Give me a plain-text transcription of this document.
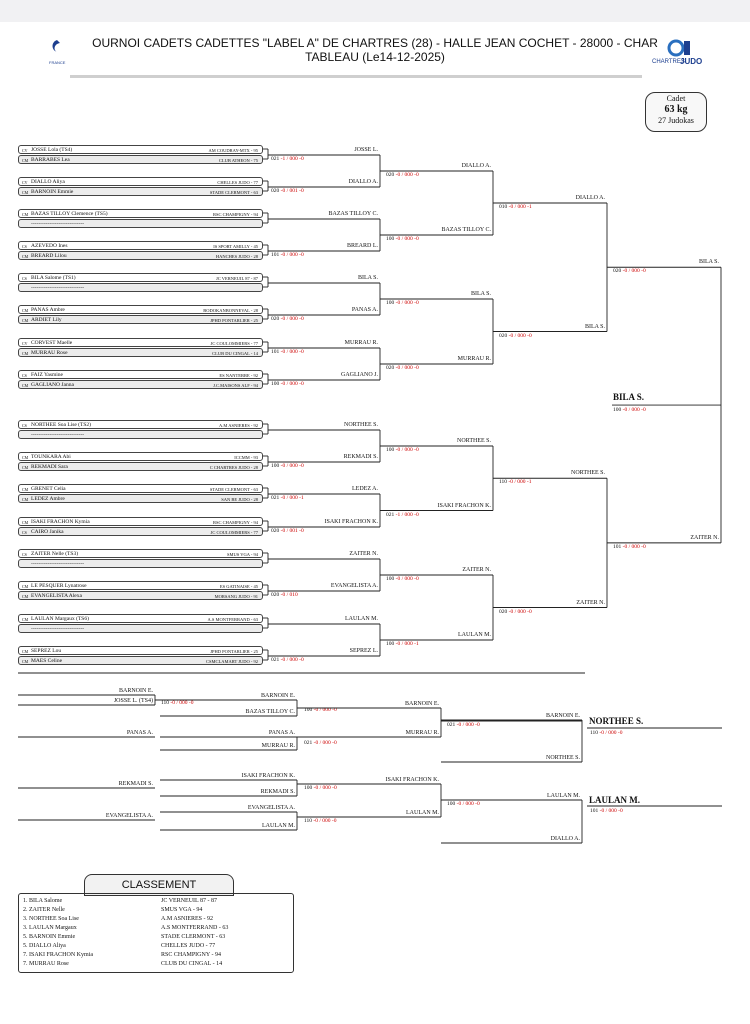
FRANCE	CHARTRES
JUDO
OURNOI CADETS CADETTES "LABEL A" DE CHARTRES (28) - HALLE JEAN COCHET - 28000 - CHAR
TABLEAU (Le14-12-2025)
Cadet
63 kg
27 Judokas
CV JOSSE Lola (TS4)	AM COUDRAY-MTX - 95
CM BARRABES Lea	CLUB ATHEON - 75
JOSSE L.
021 -1 / 000 -0
CV DIALLO Aliya	CHELLES JUDO - 77
CM BARNOIN Emmie	STADE CLERMONT - 63
DIALLO A.
020 -0 / 001 -0
CM BAZAS TILLOY Clemence (TS5)	RSC CHAMPIGNY - 94
-----------------------------
BAZAS TILLOY C.
CS AZEVEDO Ines	IS SPORT AMILLY - 45
CM BREARD Lilou	HANCHES JUDO - 28
BREARD L.
101 -0 / 000 -0
CS BILA Salome (TS1)	JC VERNEUIL 87 - 87
-----------------------------
BILA S.
CM PANAS Ambre	BODOKANBONNEVAL - 28
CM ARDIET Lily	JPHD PONTARLIER - 25
PANAS A.
020 -0 / 000 -0
CV CORVEST Maelle	JC COULOMMIERS - 77
CM MURRAU Rose	CLUB DU CINGAL - 14
MURRAU R.
101 -0 / 000 -0
CS FAIZ Yasmine	ES NANTERRE - 92
CM GAGLIANO Janna	J.C.MAISONS ALF - 94
GAGLIANO J.
100 -0 / 000 -0
CS NORTHEE Soa Lise (TS2)	A.M ASNIERES - 92
-----------------------------
NORTHEE S.
CM TOUNKARA Abi	ICCMM - 93
CM REKMADI Sara	C CHARTRES JUDO - 28
REKMADI S.
100 -0 / 000 -0
CM GRENET Celia	STADE CLERMONT - 63
CM LEDEZ Ambre	SAN BE JUDO - 28
LEDEZ A.
021 -0 / 000 -1
CM ISAKI FRACHON Kymia	RSC CHAMPIGNY - 94
CS CAIRO Janika	JC COULOMMIERS - 77
ISAKI FRACHON K.
020 -0 / 001 -0
CS ZAITER Nelle (TS3)	SMUS VGA - 94
-----------------------------
ZAITER N.
CM LE PESQUER Lynatrose	ES GATINAISE - 45
CM EVANGELISTA Alexa	MORSANG JUDO - 91
EVANGELISTA A.
020 -0 / 010
CM LAULAN Margaux (TS6)	A.S MONTFERRAND - 63
-----------------------------
LAULAN M.
CM SEPREZ Lou	JPHD PONTARLIER - 25
CM MAES Celine	CSMCLAMART JUDO - 92
SEPREZ L.
021 -0 / 000 -0
DIALLO A.
020 -0 / 000 -0
BAZAS TILLOY C.
100 -0 / 000 -0
BILA S.
100 -0 / 000 -0
MURRAU R.
020 -0 / 000 -0
NORTHEE S.
100 -0 / 000 -0
ISAKI FRACHON K.
021 -1 / 000 -0
ZAITER N.
100 -0 / 000 -0
LAULAN M.
100 -0 / 000 -1
DIALLO A.
010 -0 / 000 -1
BILA S.
020 -0 / 000 -0
NORTHEE S.
110 -0 / 000 -1
ZAITER N.
020 -0 / 000 -0
BILA S.
020 -0 / 000 -0
ZAITER N.
101 -0 / 000 -0
BILA S.
100 -0 / 000 -0
BARNOIN E.
JOSSE L. (TS4)
BARNOIN E.
110 -0 / 000 -0
BAZAS TILLOY C.
BARNOIN E.
100 -0 / 000 -0
PANAS A.	PANAS A.
MURRAU R.
MURRAU R.
021 -0 / 000 -0
021 -0 / 000 -0
BARNOIN E.
NORTHEE S.
NORTHEE S.
110 -0 / 000 -0
REKMADI S.
ISAKI FRACHON K.
REKMADI S.
ISAKI FRACHON K.
100 -0 / 000 -0
EVANGELISTA A.
EVANGELISTA A.
LAULAN M.
LAULAN M.
110 -0 / 000 -0
LAULAN M.
100 -0 / 000 -0
DIALLO A.
LAULAN M.
101 -0 / 000 -0
CLASSEMENT
1. BILA Salome	JC VERNEUIL 87 - 87
2. ZAITER Nelle	SMUS VGA - 94
3. NORTHEE Soa Lise	A.M ASNIERES - 92
3. LAULAN Margaux	A.S MONTFERRAND - 63
5. BARNOIN Emmie	STADE CLERMONT - 63
5. DIALLO Aliya	CHELLES JUDO - 77
7. ISAKI FRACHON Kymia	RSC CHAMPIGNY - 94
7. MURRAU Rose	CLUB DU CINGAL - 14
